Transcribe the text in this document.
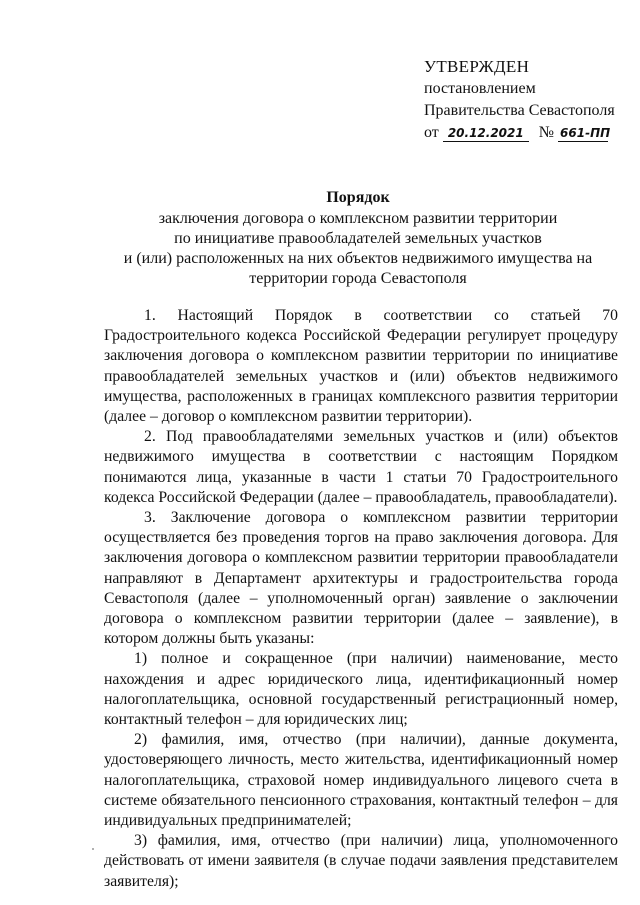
УТВЕРЖДЕН
постановлением
Правительства Севастополя
от 20.12.2021 № 661-ПП
Порядок
заключения договора о комплексном развитии территории
по инициативе правообладателей земельных участков
и (или) расположенных на них объектов недвижимого имущества на
территории города Севастополя

1. Настоящий Порядок в соответствии со статьей 70 Градостроительного кодекса Российской Федерации регулирует процедуру заключения договора о комплексном развитии территории по инициативе правообладателей земельных участков и (или) объектов недвижимого имущества, расположенных в границах комплексного развития территории (далее – договор о комплексном развитии территории).

2. Под правообладателями земельных участков и (или) объектов недвижимого имущества в соответствии с настоящим Порядком понимаются лица, указанные в части 1 статьи 70 Градостроительного кодекса Российской Федерации (далее – правообладатель, правообладатели).

3. Заключение договора о комплексном развитии территории осуществляется без проведения торгов на право заключения договора. Для заключения договора о комплексном развитии территории правообладатели направляют в Департамент архитектуры и градостроительства города Севастополя (далее – уполномоченный орган) заявление о заключении договора о комплексном развитии территории (далее – заявление), в котором должны быть указаны:

1) полное и сокращенное (при наличии) наименование, место нахождения и адрес юридического лица, идентификационный номер налогоплательщика, основной государственный регистрационный номер, контактный телефон – для юридических лиц;

2) фамилия, имя, отчество (при наличии), данные документа, удостоверяющего личность, место жительства, идентификационный номер налогоплательщика, страховой номер индивидуального лицевого счета в системе обязательного пенсионного страхования, контактный телефон – для индивидуальных предпринимателей;

3) фамилия, имя, отчество (при наличии) лица, уполномоченного действовать от имени заявителя (в случае подачи заявления представителем заявителя);
